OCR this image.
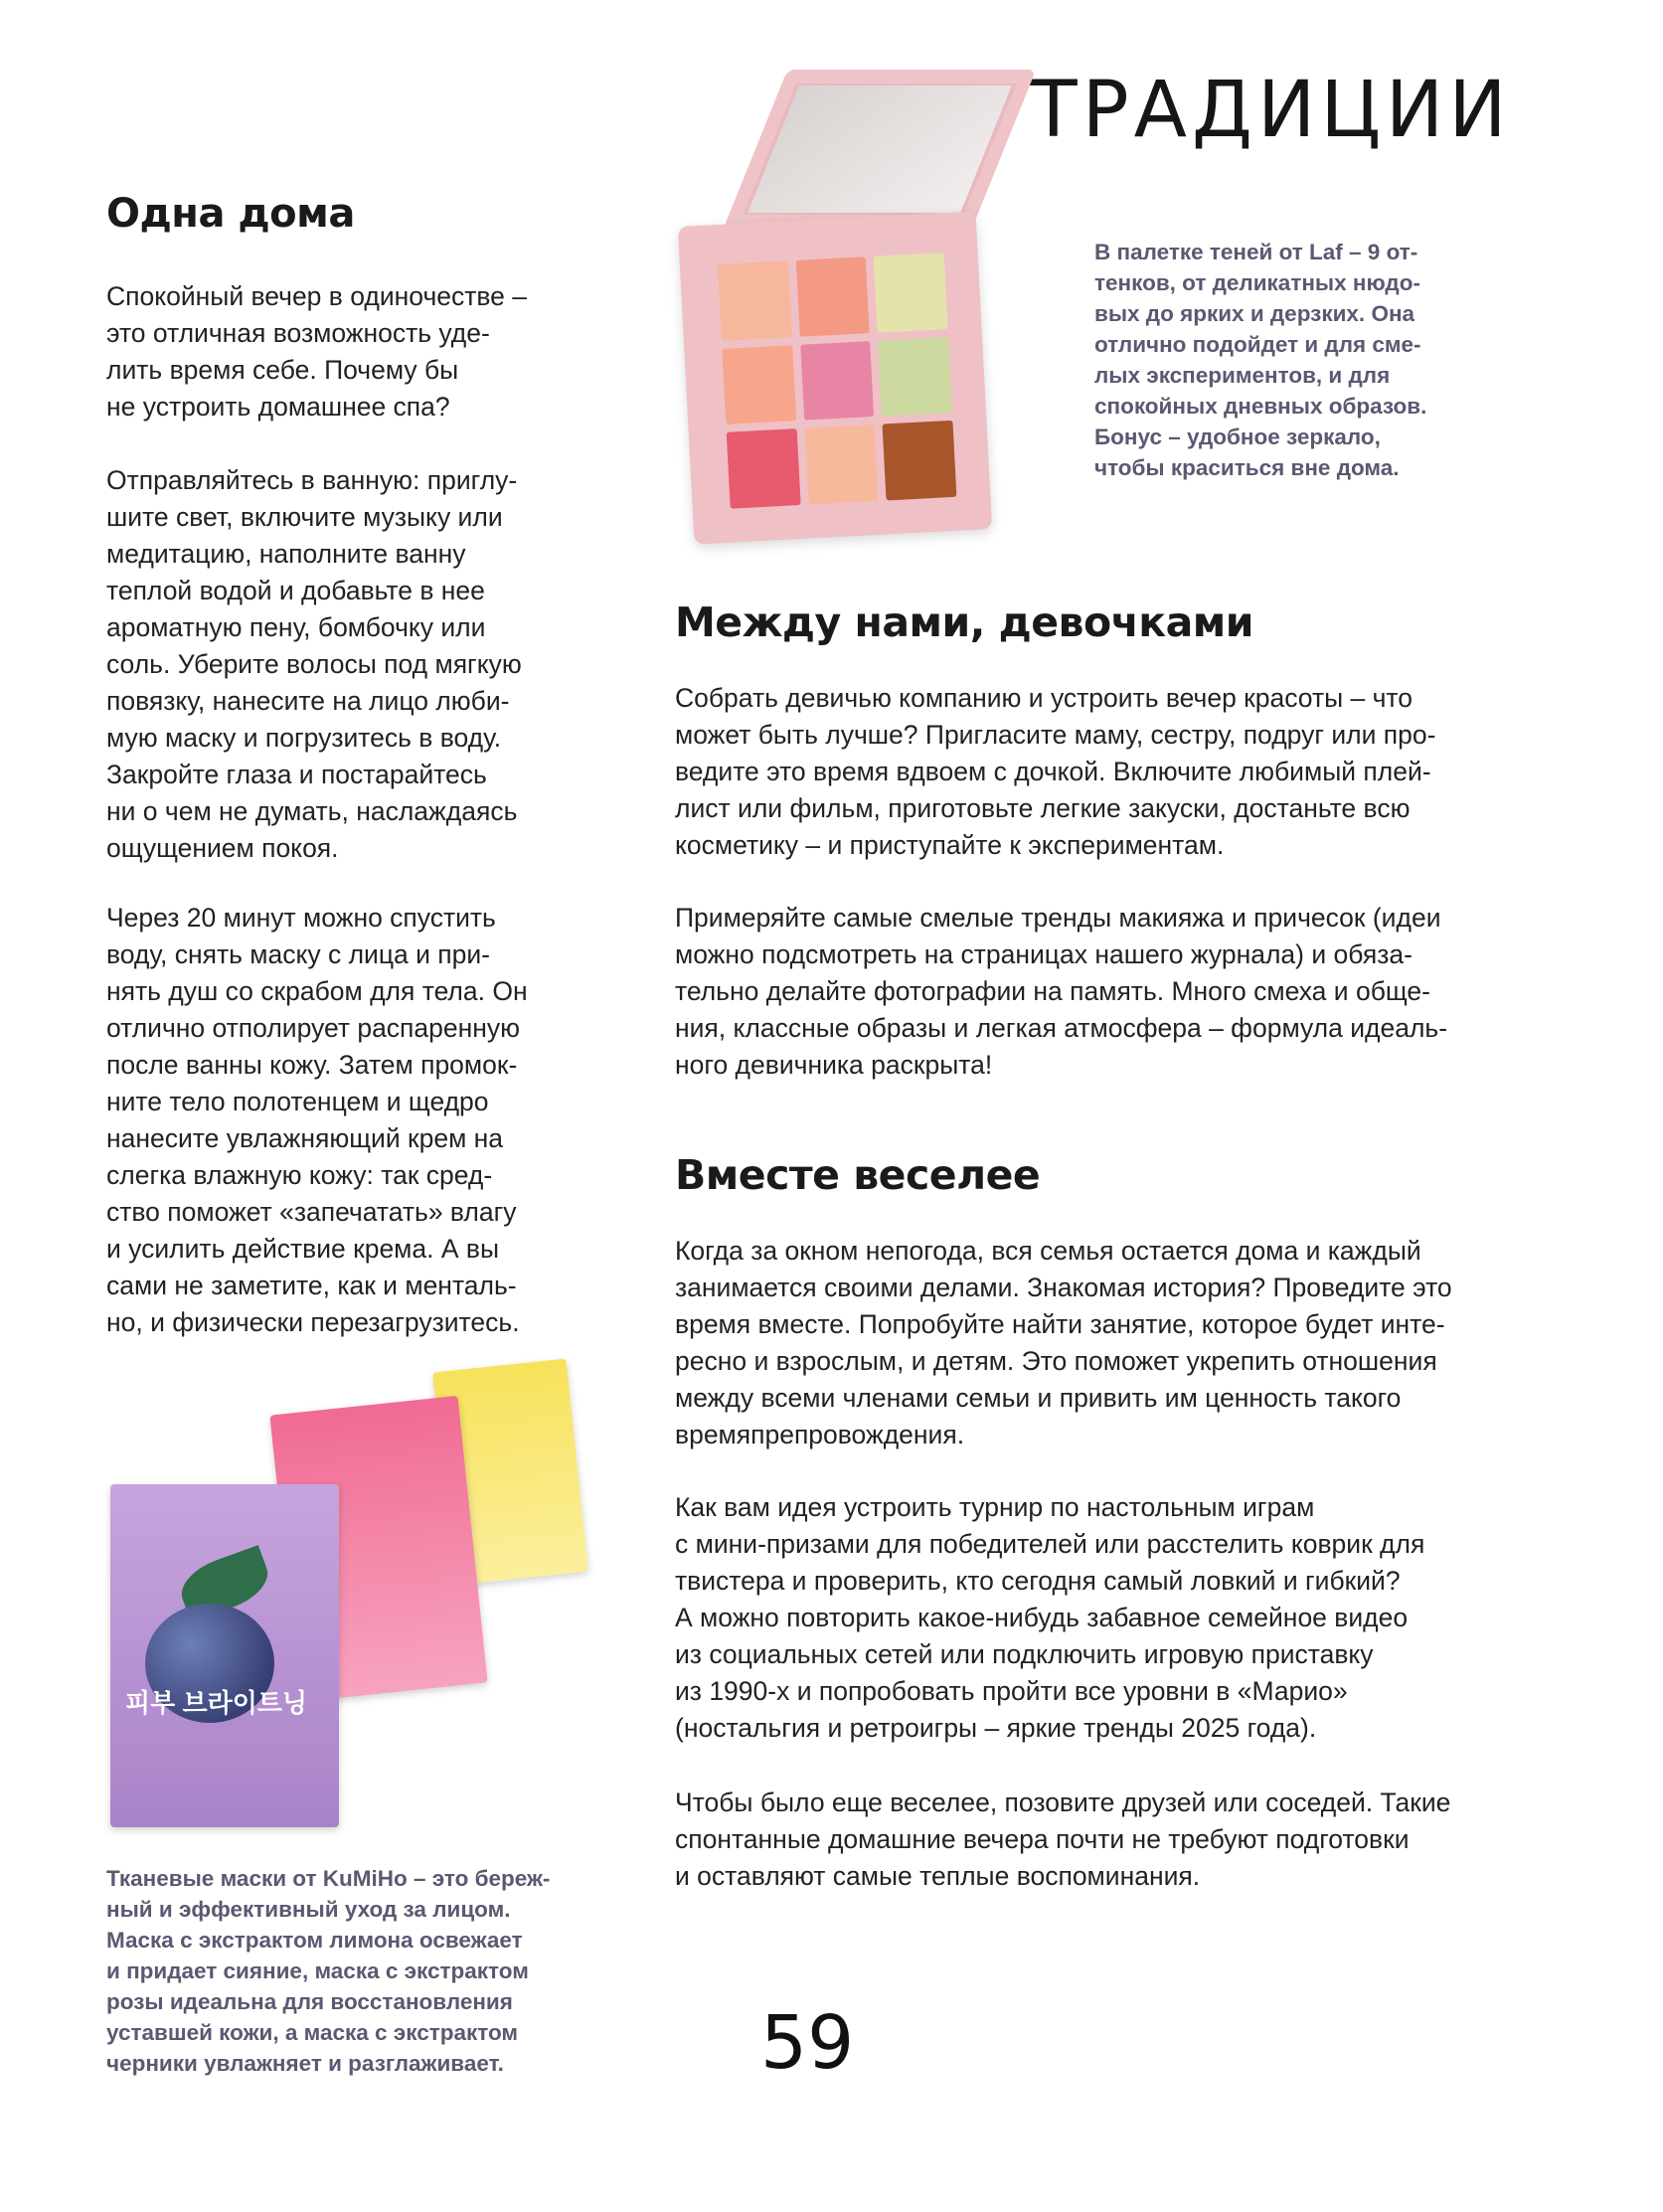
ТРАДИЦИИ
Одна дома

Спокойный вечер в одиночестве –
это отличная возможность уде-
лить время себе. Почему бы
не устроить домашнее спа?

Отправляйтесь в ванную: приглу-
шите свет, включите музыку или
медитацию, наполните ванну
теплой водой и добавьте в нее
ароматную пену, бомбочку или
соль. Уберите волосы под мягкую
повязку, нанесите на лицо люби-
мую маску и погрузитесь в воду.
Закройте глаза и постарайтесь
ни о чем не думать, наслаждаясь
ощущением покоя.

Через 20 минут можно спустить
воду, снять маску с лица и при-
нять душ со скрабом для тела. Он
отлично отполирует распаренную
после ванны кожу. Затем промок-
ните тело полотенцем и щедро
нанесите увлажняющий крем на
слегка влажную кожу: так сред-
ство поможет «запечатать» влагу
и усилить действие крема. А вы
сами не заметите, как и менталь-
но, и физически перезагрузитесь.

В палетке теней от Laf – 9 от-
тенков, от деликатных нюдо-
вых до ярких и дерзких. Она
отлично подойдет и для сме-
лых экспериментов, и для
спокойных дневных образов.
Бонус – удобное зеркало,
чтобы краситься вне дома.

Между нами, девочками

Собрать девичью компанию и устроить вечер красоты – что
может быть лучше? Пригласите маму, сестру, подруг или про-
ведите это время вдвоем с дочкой. Включите любимый плей-
лист или фильм, приготовьте легкие закуски, достаньте всю
косметику – и приступайте к экспериментам.

Примеряйте самые смелые тренды макияжа и причесок (идеи
можно подсмотреть на страницах нашего журнала) и обяза-
тельно делайте фотографии на память. Много смеха и обще-
ния, классные образы и легкая атмосфера – формула идеаль-
ного девичника раскрыта!

Вместе веселее

Когда за окном непогода, вся семья остается дома и каждый
занимается своими делами. Знакомая история? Проведите это
время вместе. Попробуйте найти занятие, которое будет инте-
ресно и взрослым, и детям. Это поможет укрепить отношения
между всеми членами семьи и привить им ценность такого
времяпрепровождения.

Как вам идея устроить турнир по настольным играм
с мини-призами для победителей или расстелить коврик для
твистера и проверить, кто сегодня самый ловкий и гибкий?
А можно повторить какое-нибудь забавное семейное видео
из социальных сетей или подключить игровую приставку
из 1990-х и попробовать пройти все уровни в «Марио»
(ностальгия и ретроигры – яркие тренды 2025 года).

Чтобы было еще веселее, позовите друзей или соседей. Такие
спонтанные домашние вечера почти не требуют подготовки
и оставляют самые теплые воспоминания.

피부 브라이트닝

Тканевые маски от KuMiHo – это береж-
ный и эффективный уход за лицом.
Маска с экстрактом лимона освежает
и придает сияние, маска с экстрактом
розы идеальна для восстановления
уставшей кожи, а маска с экстрактом
черники увлажняет и разглаживает.	59
